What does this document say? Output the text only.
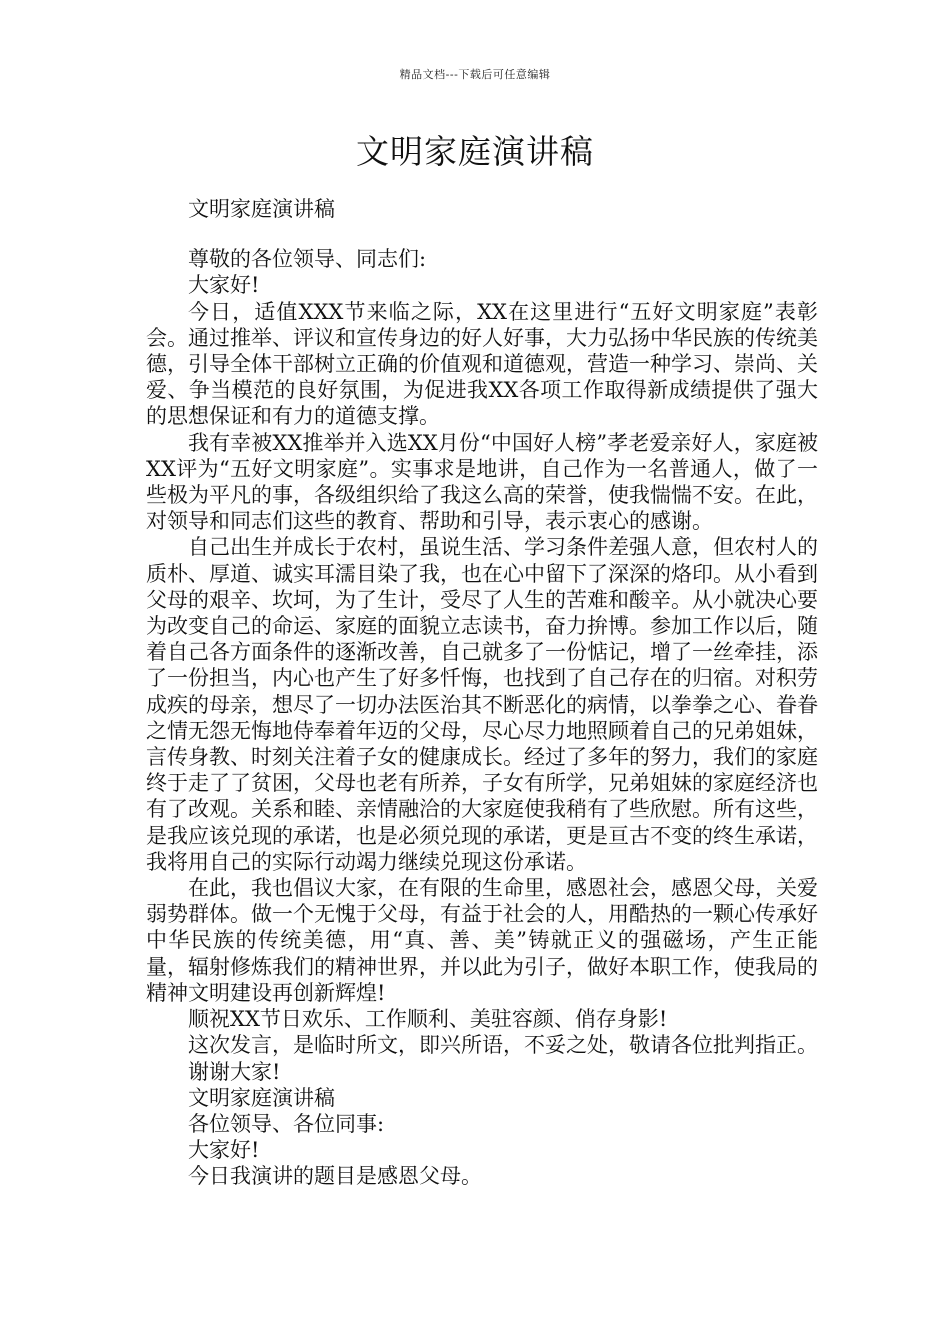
精品文档---下载后可任意编辑
文明家庭演讲稿

文明家庭演讲稿

尊敬的各位领导、同志们:

大家好!

今日，适值XXX节来临之际，XX在这里进行“五好文明家庭”表彰会。通过推举、评议和宣传身边的好人好事，大力弘扬中华民族的传统美德，引导全体干部树立正确的价值观和道德观，营造一种学习、崇尚、关爱、争当模范的良好氛围，为促进我XX各项工作取得新成绩提供了强大的思想保证和有力的道德支撑。

我有幸被XX推举并入选XX月份“中国好人榜”孝老爱亲好人，家庭被XX评为“五好文明家庭”。实事求是地讲，自己作为一名普通人，做了一些极为平凡的事，各级组织给了我这么高的荣誉，使我惴惴不安。在此，对领导和同志们这些的教育、帮助和引导，表示衷心的感谢。

自己出生并成长于农村，虽说生活、学习条件差强人意，但农村人的质朴、厚道、诚实耳濡目染了我，也在心中留下了深深的烙印。从小看到父母的艰辛、坎坷，为了生计，受尽了人生的苦难和酸辛。从小就决心要为改变自己的命运、家庭的面貌立志读书，奋力拚博。参加工作以后，随着自己各方面条件的逐渐改善，自己就多了一份惦记，增了一丝牵挂，添了一份担当，内心也产生了好多忏悔，也找到了自己存在的归宿。对积劳成疾的母亲，想尽了一切办法医治其不断恶化的病情，以拳拳之心、眷眷之情无怨无悔地侍奉着年迈的父母，尽心尽力地照顾着自己的兄弟姐妹，言传身教、时刻关注着子女的健康成长。经过了多年的努力，我们的家庭终于走了了贫困，父母也老有所养，子女有所学，兄弟姐妹的家庭经济也有了改观。关系和睦、亲情融洽的大家庭使我稍有了些欣慰。所有这些，是我应该兑现的承诺，也是必须兑现的承诺，更是亘古不变的终生承诺，我将用自己的实际行动竭力继续兑现这份承诺。

在此，我也倡议大家，在有限的生命里，感恩社会，感恩父母，关爱弱势群体。做一个无愧于父母，有益于社会的人，用酷热的一颗心传承好中华民族的传统美德，用“真、善、美”铸就正义的强磁场，产生正能量，辐射修炼我们的精神世界，并以此为引子，做好本职工作，使我局的精神文明建设再创新辉煌!

顺祝XX节日欢乐、工作顺利、美驻容颜、俏存身影!

这次发言，是临时所文，即兴所语，不妥之处，敬请各位批判指正。

谢谢大家!

文明家庭演讲稿

各位领导、各位同事:

大家好!

今日我演讲的题目是感恩父母。
